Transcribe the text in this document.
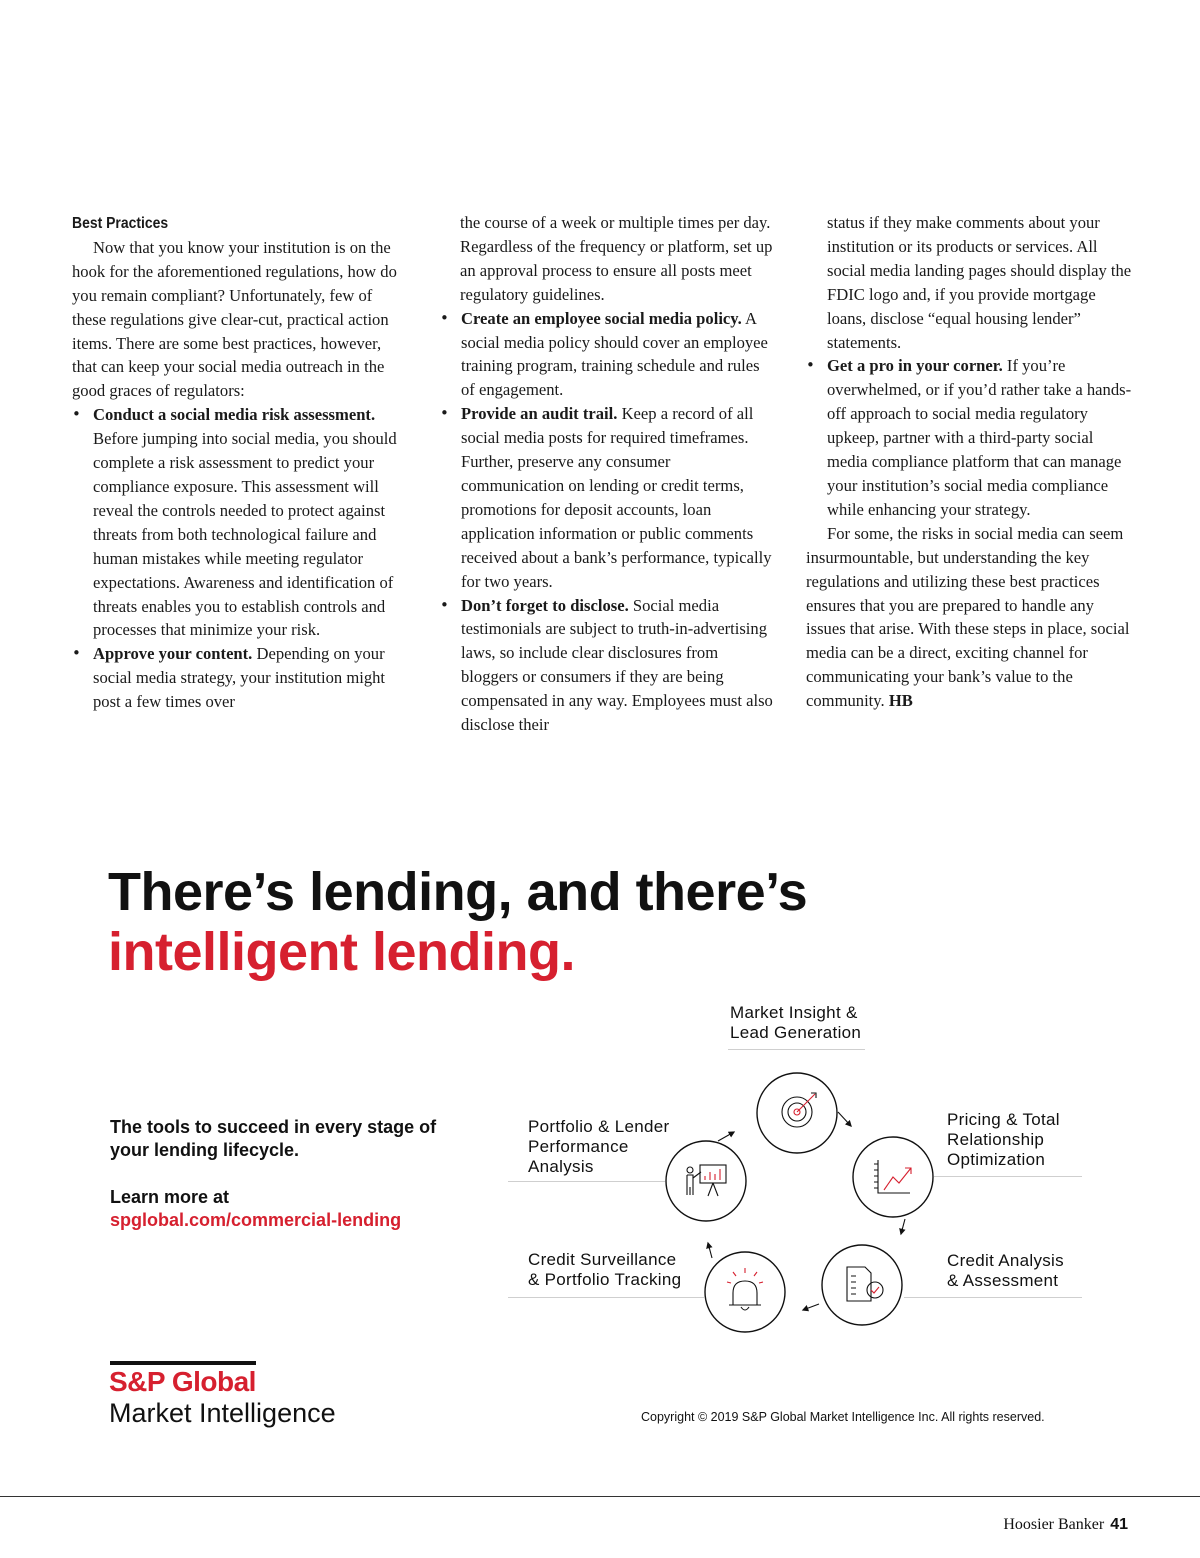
Best Practices

Now that you know your institution is on the hook for the aforementioned regulations, how do you remain compliant? Unfortunately, few of these regulations give clear-cut, practical action items. There are some best practices, however, that can keep your social media outreach in the good graces of regulators:

• Conduct a social media risk assessment. Before jumping into social media, you should complete a risk assessment to predict your compliance exposure. This assessment will reveal the controls needed to protect against threats from both technological failure and human mistakes while meeting regulator expectations. Awareness and identification of threats enables you to establish controls and processes that minimize your risk.
• Approve your content. Depending on your social media strategy, your institution might post a few times over
the course of a week or multiple times per day. Regardless of the frequency or platform, set up an approval process to ensure all posts meet regulatory guidelines.
• Create an employee social media policy. A social media policy should cover an employee training program, training schedule and rules of engagement.
• Provide an audit trail. Keep a record of all social media posts for required timeframes. Further, preserve any consumer communication on lending or credit terms, promotions for deposit accounts, loan application information or public comments received about a bank’s performance, typically for two years.
• Don’t forget to disclose. Social media testimonials are subject to truth-in-advertising laws, so include clear disclosures from bloggers or consumers if they are being compensated in any way. Employees must also disclose their
status if they make comments about your institution or its products or services. All social media landing pages should display the FDIC logo and, if you provide mortgage loans, disclose “equal housing lender” statements.
• Get a pro in your corner. If you’re overwhelmed, or if you’d rather take a hands-off approach to social media regulatory upkeep, partner with a third-party social media compliance platform that can manage your institution’s social media compliance while enhancing your strategy.

For some, the risks in social media can seem insurmountable, but understanding the key regulations and utilizing these best practices ensures that you are prepared to handle any issues that arise. With these steps in place, social media can be a direct, exciting channel for communicating your bank’s value to the community. HB

There’s lending, and there’s
intelligent lending.
The tools to succeed in every stage of your lending lifecycle.
Learn more at
spglobal.com/commercial-lending
Market Insight &
Lead Generation
Pricing & Total
Relationship
Optimization
Portfolio & Lender
Performance
Analysis
Credit Analysis
& Assessment
Credit Surveillance
& Portfolio Tracking
S&P Global
Market Intelligence	Copyright © 2019 S&P Global Market Intelligence Inc. All rights reserved.
Hoosier Banker 41
